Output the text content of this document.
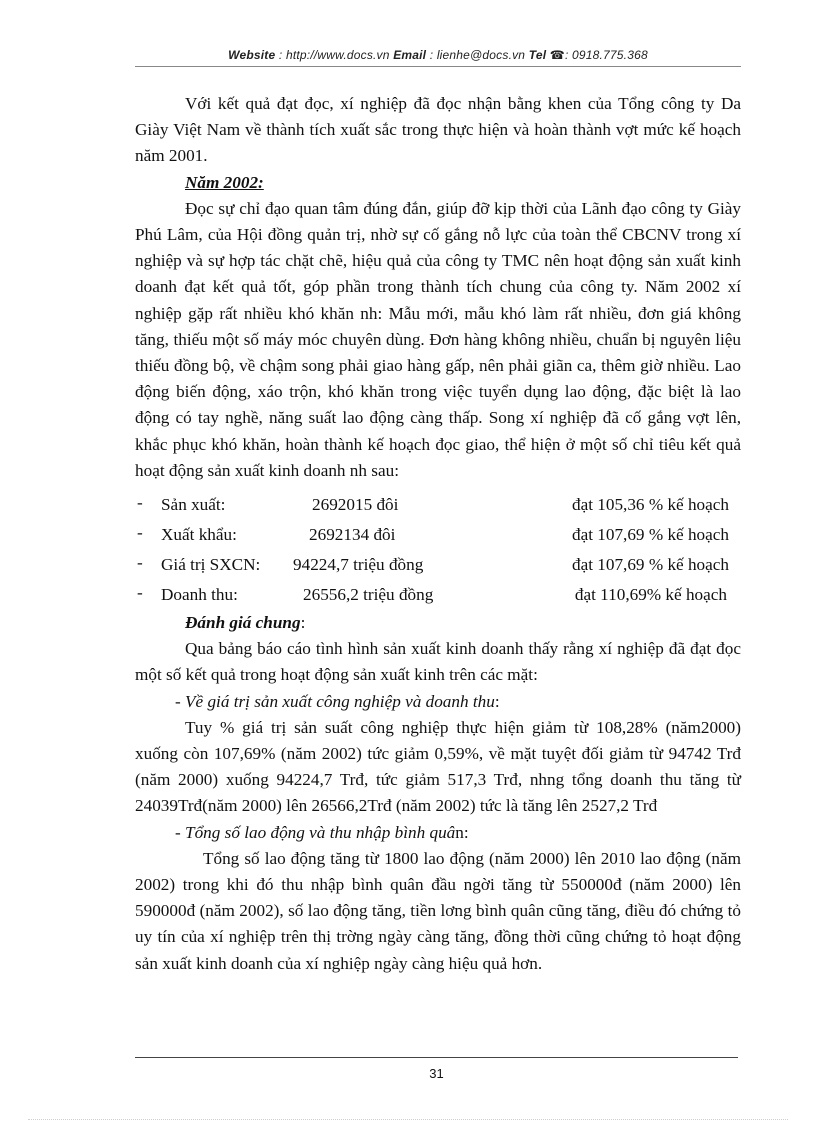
Website : http://www.docs.vn Email : lienhe@docs.vn Tel ☎: 0918.775.368

Với kết quả đạt đọc, xí nghiệp đã đọc nhận bằng khen của Tổng công ty Da Giày Việt Nam về thành tích xuất sắc trong thực hiện và hoàn thành vợt mức kế hoạch năm 2001.

Năm 2002:

Đọc sự chỉ đạo quan tâm đúng đắn, giúp đỡ kịp thời của Lãnh đạo công ty Giày Phú Lâm, của Hội đồng quản trị, nhờ sự cố gắng nỗ lực của toàn thể CBCNV trong xí nghiệp và sự hợp tác chặt chẽ, hiệu quả của công ty TMC nên hoạt động sản xuất kinh doanh đạt kết quả tốt, góp phần trong thành tích chung của công ty. Năm 2002 xí nghiệp gặp rất nhiều khó khăn nh: Mẫu mới, mẫu khó làm rất nhiều, đơn giá không tăng, thiếu một số máy móc chuyên dùng. Đơn hàng không nhiều, chuẩn bị nguyên liệu thiếu đồng bộ, về chậm song phải giao hàng gấp, nên phải giãn ca, thêm giờ nhiều. Lao động biến động, xáo trộn, khó khăn trong việc tuyển dụng lao động, đặc biệt là lao động có tay nghề, năng suất lao động càng thấp. Song xí nghiệp đã cố gắng vợt lên, khắc phục khó khăn, hoàn thành kế hoạch đọc giao, thể hiện ở một số chỉ tiêu kết quả hoạt động sản xuất kinh doanh nh sau:

- Sản xuất:	2692015 đôi	đạt 105,36 % kế hoạch
- Xuất khẩu:	2692134 đôi	đạt 107,69 % kế hoạch
- Giá trị SXCN: 94224,7 triệu đồng	đạt 107,69 % kế hoạch
- Doanh thu:	26556,2 triệu đồng	đạt 110,69% kế hoạch

Đánh giá chung:

Qua bảng báo cáo tình hình sản xuất kinh doanh thấy rằng xí nghiệp đã đạt đọc một số kết quả trong hoạt động sản xuất kinh trên các mặt:

- Về giá trị sản xuất công nghiệp và doanh thu:

Tuy % giá trị sản suất công nghiệp thực hiện giảm từ 108,28% (năm2000) xuống còn 107,69% (năm 2002) tức giảm 0,59%, về mặt tuyệt đối giảm từ 94742 Trđ (năm 2000) xuống 94224,7 Trđ, tức giảm 517,3 Trđ, nhng tổng doanh thu tăng từ 24039Trđ(năm 2000) lên 26566,2Trđ (năm 2002) tức là tăng lên 2527,2 Trđ

- Tổng số lao động và thu nhập bình quân:

Tổng số lao động tăng từ 1800 lao động (năm 2000) lên 2010 lao động (năm 2002) trong khi đó thu nhập bình quân đầu ngời tăng từ 550000đ (năm 2000) lên 590000đ (năm 2002), số lao động tăng, tiền lơng bình quân cũng tăng, điều đó chứng tỏ uy tín của xí nghiệp trên thị trờng ngày càng tăng, đồng thời cũng chứng tỏ hoạt động sản xuất kinh doanh của xí nghiệp ngày càng hiệu quả hơn.

31
